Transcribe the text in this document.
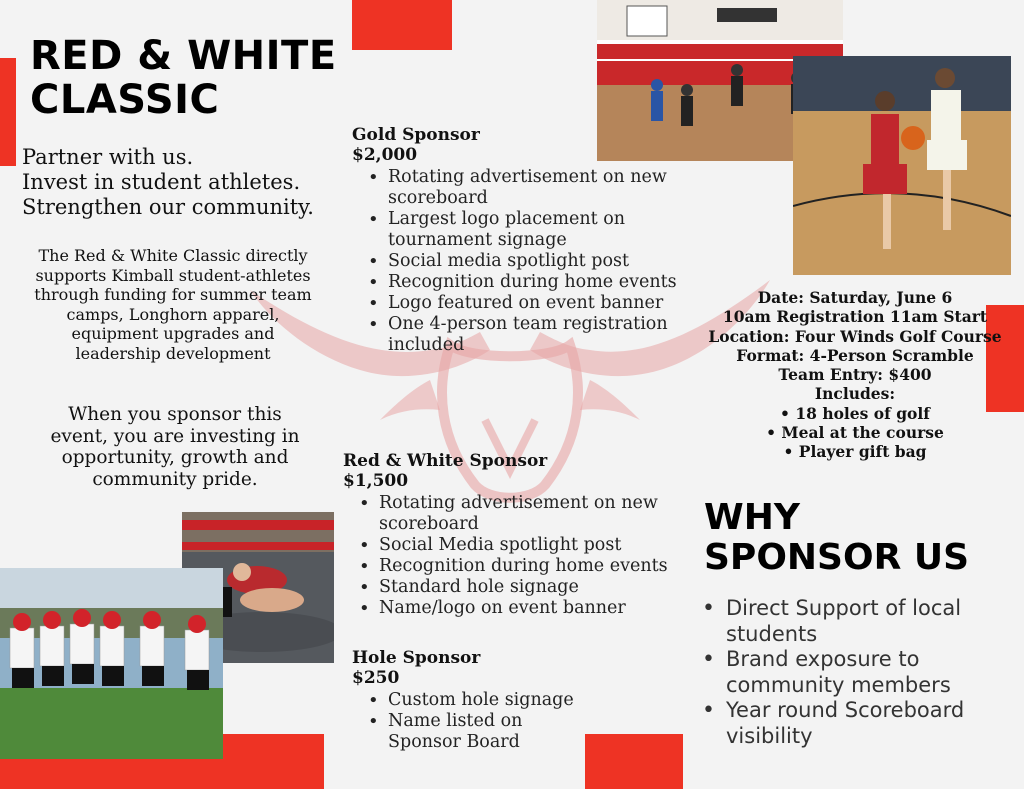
RED & WHITE
CLASSIC
Partner with us.
Invest in student athletes.
Strengthen our community.
The Red & White Classic directly supports Kimball student-athletes through funding for summer team camps, Longhorn apparel, equipment upgrades and leadership development
When you sponsor this event, you are investing in opportunity, growth and community pride.
Gold Sponsor
$2,000
• Rotating advertisement on new scoreboard
• Largest logo placement on tournament signage
• Social media spotlight post
• Recognition during home events
• Logo featured on event banner
• One 4-person team registration included
Red & White Sponsor
$1,500
• Rotating advertisement on new scoreboard
• Social Media spotlight post
• Recognition during home events
• Standard hole signage
• Name/logo on event banner
Hole Sponsor
$250
• Custom hole signage
• Name listed on Sponsor Board
Date: Saturday, June 6
10am Registration 11am Start
Location: Four Winds Golf Course
Format: 4-Person Scramble
Team Entry: $400
Includes:
• 18 holes of golf
• Meal at the course
• Player gift bag
WHY
SPONSOR US
• Direct Support of local students
• Brand exposure to community members
• Year round Scoreboard visibility
